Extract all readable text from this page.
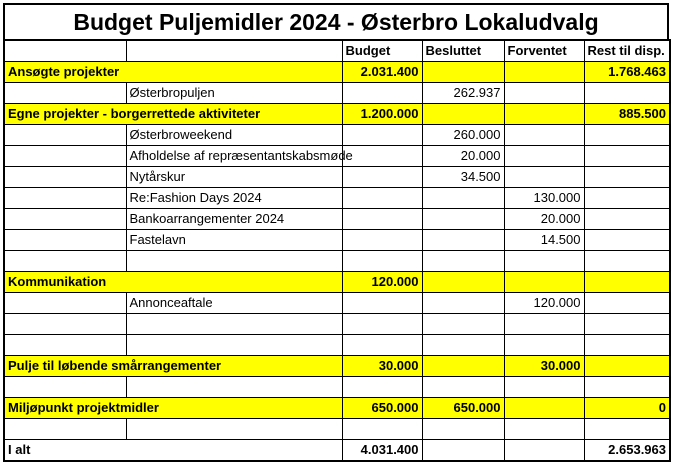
Budget Puljemidler 2024 - Østerbro Lokaludvalg
		Budget	Besluttet	Forventet	Rest til disp.
Ansøgte projekter		2.031.400			1.768.463
	Østerbropuljen		262.937		
Egne projekter - borgerrettede aktiviteter		1.200.000			885.500
	Østerbroweekend		260.000		
	Afholdelse af repræsentantskabsmøde		20.000		
	Nytårskur		34.500		
	Re:Fashion Days 2024			130.000	
	Bankoarrangementer 2024			20.000	
	Fastelavn			14.500	

Kommunikation		120.000			
	Annonceaftale			120.000	

Pulje til løbende smårrangementer		30.000		30.000	

Miljøpunkt projektmidler		650.000	650.000		0

I alt		4.031.400			2.653.963
